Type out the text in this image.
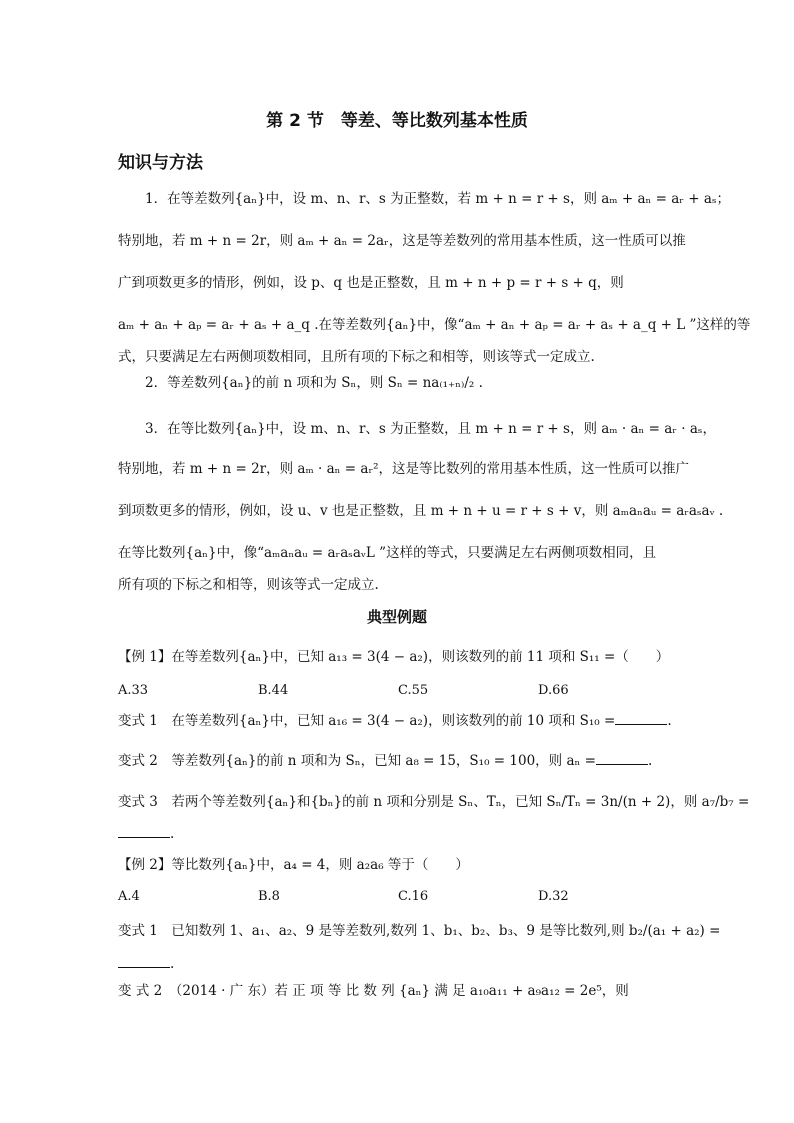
第 2 节　等差、等比数列基本性质
知识与方法
　　1．在等差数列{aₙ}中，设 m、n、r、s 为正整数，若 m + n = r + s，则 aₘ + aₙ = aᵣ + aₛ；
特别地，若 m + n = 2r，则 aₘ + aₙ = 2aᵣ，这是等差数列的常用基本性质，这一性质可以推
广到项数更多的情形，例如，设 p、q 也是正整数，且 m + n + p = r + s + q，则
aₘ + aₙ + aₚ = aᵣ + aₛ + a_q .在等差数列{aₙ}中，像“aₘ + aₙ + aₚ = aᵣ + aₛ + a_q + L ”这样的等
式，只要满足左右两侧项数相同，且所有项的下标之和相等，则该等式一定成立.
　　2．等差数列{aₙ}的前 n 项和为 Sₙ，则 Sₙ = na₍₁₊ₙ₎/₂ .
　　3．在等比数列{aₙ}中，设 m、n、r、s 为正整数，且 m + n = r + s，则 aₘ · aₙ = aᵣ · aₛ，
特别地，若 m + n = 2r，则 aₘ · aₙ = aᵣ²，这是等比数列的常用基本性质，这一性质可以推广
到项数更多的情形，例如，设 u、v 也是正整数，且 m + n + u = r + s + v，则 aₘaₙaᵤ = aᵣaₛaᵥ .
在等比数列{aₙ}中，像“aₘaₙaᵤ = aᵣaₛaᵥL ”这样的等式，只要满足左右两侧项数相同，且
所有项的下标之和相等，则该等式一定成立.
典型例题
【例 1】在等差数列{aₙ}中，已知 a₁₃ = 3(4 − a₂)，则该数列的前 11 项和 S₁₁ =（　　）
A.33	B.44	C.55	D.66
变式 1　在等差数列{aₙ}中，已知 a₁₆ = 3(4 − a₂)，则该数列的前 10 项和 S₁₀ =	.
变式 2　等差数列{aₙ}的前 n 项和为 Sₙ，已知 a₈ = 15，S₁₀ = 100，则 aₙ =	.
变式 3　若两个等差数列{aₙ}和{bₙ}的前 n 项和分别是 Sₙ、Tₙ，已知 Sₙ/Tₙ = 3n/(n + 2)，则 a₇/b₇ =
.
【例 2】等比数列{aₙ}中，a₄ = 4，则 a₂a₆ 等于（　　）
A.4	B.8	C.16	D.32
变式 1　已知数列 1、a₁、a₂、9 是等差数列,数列 1、b₁、b₂、b₃、9 是等比数列,则 b₂/(a₁ + a₂) =
.
变 式 2　（2014 · 广 东）若 正 项 等 比 数 列 {aₙ} 满 足 a₁₀a₁₁ + a₉a₁₂ = 2e⁵，则
